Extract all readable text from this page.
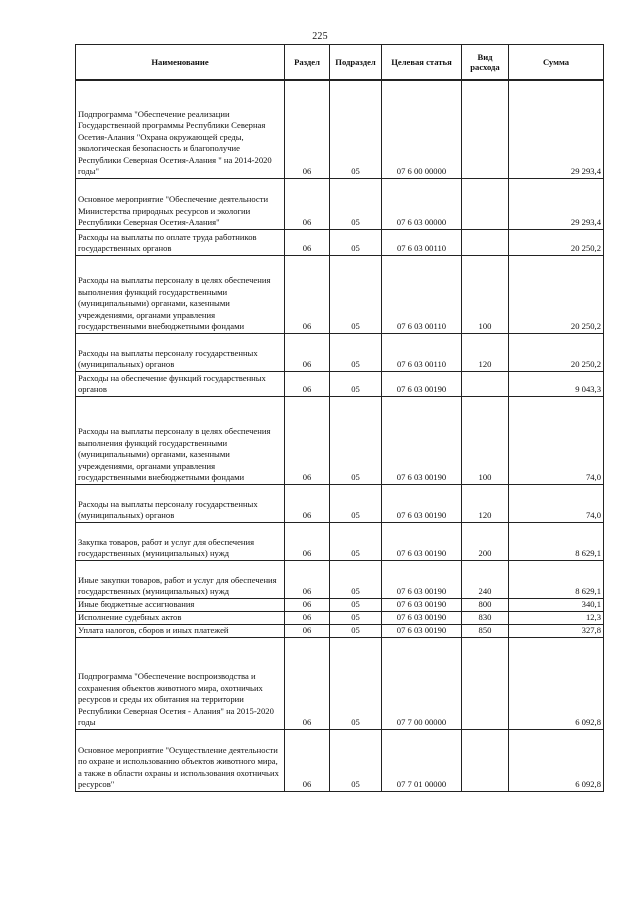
225
Наименование	Раздел	Подраздел	Целевая статья	Вид расхода	Сумма
Подпрограмма "Обеспечение реализации Государственной программы Республики Северная Осетия-Алания "Охрана окружающей среды, экологическая безопасность и благополучие Республики Северная Осетия-Алания " на 2014-2020 годы"	06	05	07 6 00 00000		29 293,4
Основное мероприятие "Обеспечение деятельности Министерства природных ресурсов и экологии Республики Северная Осетия-Алания"	06	05	07 6 03 00000		29 293,4
Расходы на выплаты по оплате труда работников государственных органов	06	05	07 6 03 00110		20 250,2
Расходы на выплаты персоналу в целях обеспечения выполнения функций государственными (муниципальными) органами, казенными учреждениями, органами управления государственными внебюджетными фондами	06	05	07 6 03 00110	100	20 250,2
Расходы на выплаты персоналу государственных (муниципальных) органов	06	05	07 6 03 00110	120	20 250,2
Расходы на обеспечение функций государственных органов	06	05	07 6 03 00190		9 043,3
Расходы на выплаты персоналу в целях обеспечения выполнения функций государственными (муниципальными) органами, казенными учреждениями, органами управления государственными внебюджетными фондами	06	05	07 6 03 00190	100	74,0
Расходы на выплаты персоналу государственных (муниципальных) органов	06	05	07 6 03 00190	120	74,0
Закупка товаров, работ и услуг для обеспечения государственных (муниципальных) нужд	06	05	07 6 03 00190	200	8 629,1
Иные закупки товаров, работ и услуг для обеспечения государственных (муниципальных) нужд	06	05	07 6 03 00190	240	8 629,1
Иные бюджетные ассигнования	06	05	07 6 03 00190	800	340,1
Исполнение судебных актов	06	05	07 6 03 00190	830	12,3
Уплата налогов, сборов и иных платежей	06	05	07 6 03 00190	850	327,8
Подпрограмма "Обеспечение воспроизводства и сохранения объектов животного мира, охотничьих ресурсов и среды их обитания на территории Республики Северная Осетия - Алания" на 2015-2020 годы	06	05	07 7 00 00000		6 092,8
Основное мероприятие "Осуществление деятельности по охране и использованию объектов животного мира, а также в области охраны и использования охотничьих ресурсов"	06	05	07 7 01 00000		6 092,8
